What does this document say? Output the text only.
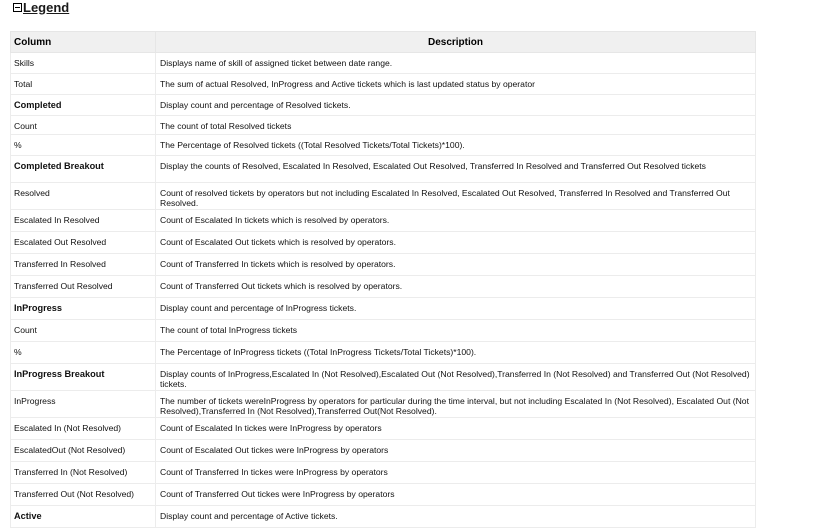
Legend
Column	Description
Skills	Displays name of skill of assigned ticket between date range.
Total	The sum of actual Resolved, InProgress and Active tickets which is last updated status by operator
Completed	Display count and percentage of Resolved tickets.
Count	The count of total Resolved tickets
%	The Percentage of Resolved tickets ((Total Resolved Tickets/Total Tickets)*100).
Completed Breakout	Display the counts of Resolved, Escalated In Resolved, Escalated Out Resolved, Transferred In Resolved and Transferred Out Resolved tickets
Resolved	Count of resolved tickets by operators but not including Escalated In Resolved, Escalated Out Resolved, Transferred In Resolved and Transferred Out Resolved.
Escalated In Resolved	Count of Escalated In tickets which is resolved by operators.
Escalated Out Resolved	Count of Escalated Out tickets which is resolved by operators.
Transferred In Resolved	Count of Transferred In tickets which is resolved by operators.
Transferred Out Resolved	Count of Transferred Out tickets which is resolved by operators.
InProgress	Display count and percentage of InProgress tickets.
Count	The count of total InProgress tickets
%	The Percentage of InProgress tickets ((Total InProgress Tickets/Total Tickets)*100).
InProgress Breakout	Display counts of InProgress,Escalated In (Not Resolved),Escalated Out (Not Resolved),Transferred In (Not Resolved) and Transferred Out (Not Resolved) tickets.
InProgress	The number of tickets wereInProgress by operators for particular during the time interval, but not including Escalated In (Not Resolved), Escalated Out (Not Resolved),Transferred In (Not Resolved),Transferred Out(Not Resolved).
Escalated In (Not Resolved)	Count of Escalated In tickes were InProgress by operators
EscalatedOut (Not Resolved)	Count of Escalated Out tickes were InProgress by operators
Transferred In (Not Resolved)	Count of Transferred In tickes were InProgress by operators
Transferred Out (Not Resolved)	Count of Transferred Out tickes were InProgress by operators
Active	Display count and percentage of Active tickets.
